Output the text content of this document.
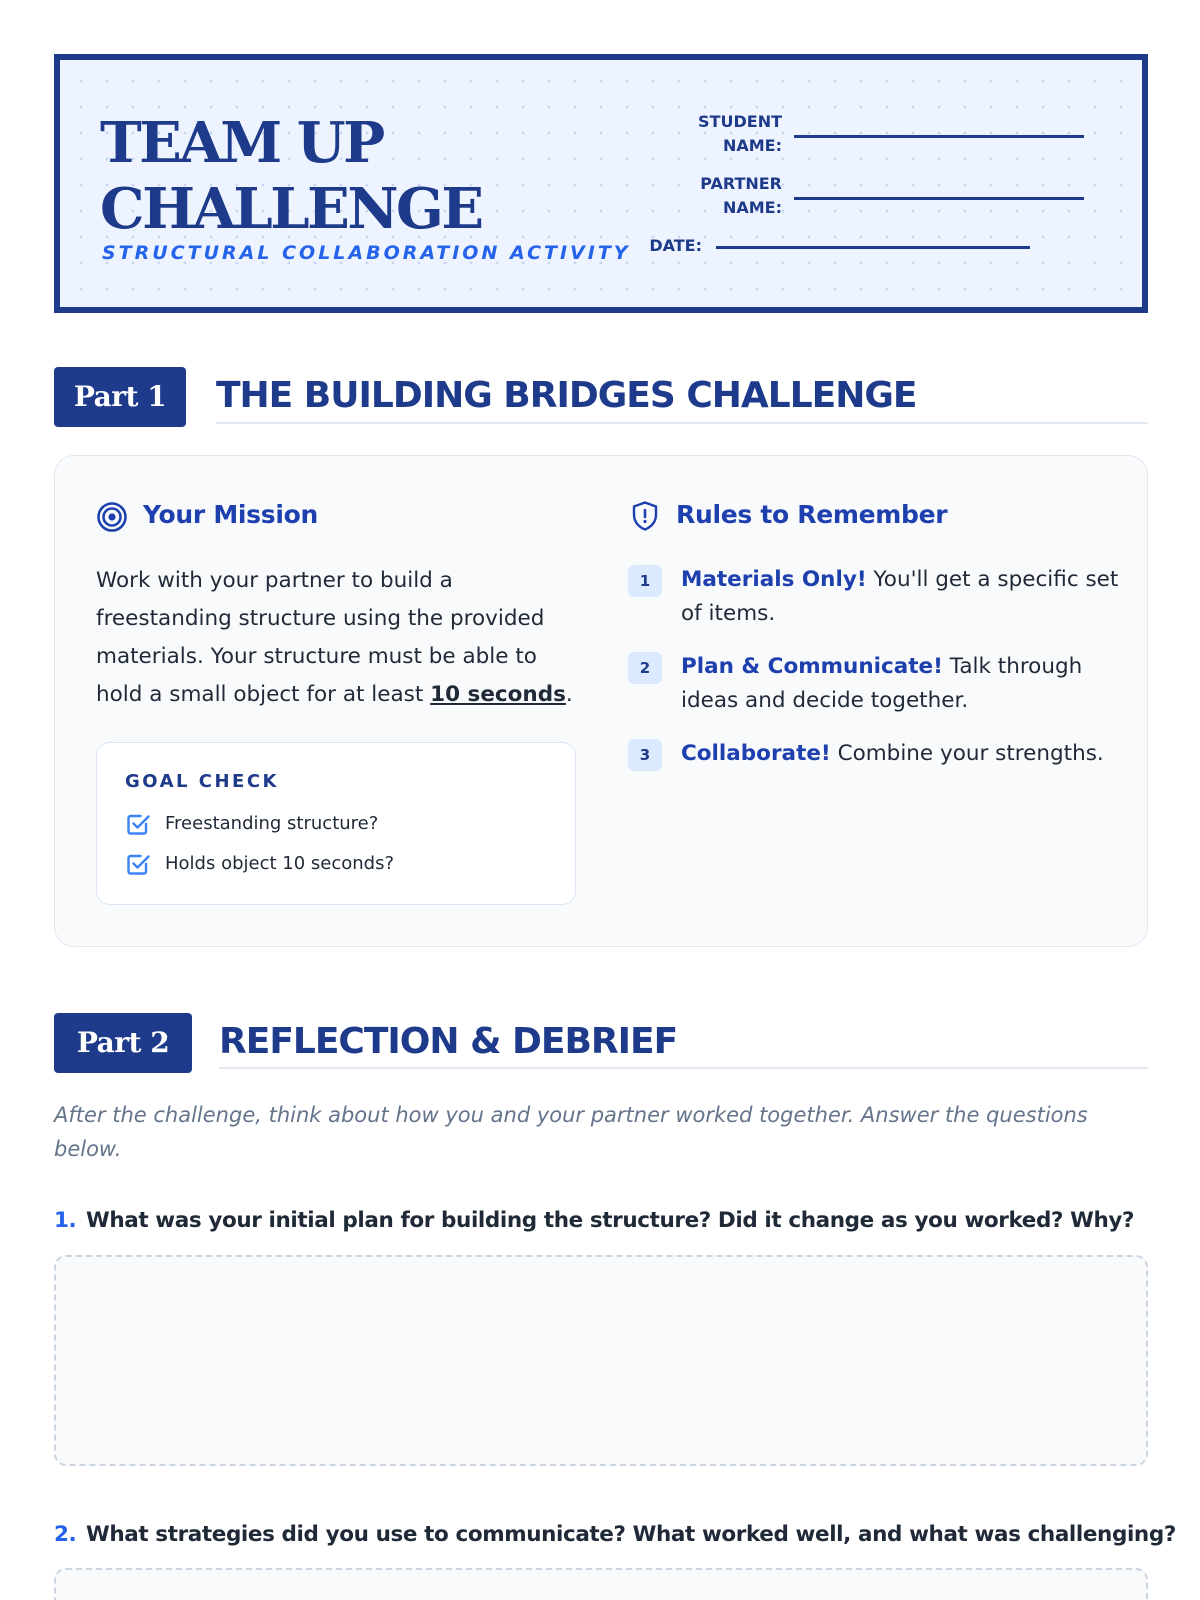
TEAM UP
CHALLENGE
STRUCTURAL COLLABORATION ACTIVITY
STUDENT
NAME:
PARTNER
NAME:
DATE:
Part 1	THE BUILDING BRIDGES CHALLENGE
Your Mission
Work with your partner to build a freestanding structure using the provided materials. Your structure must be able to hold a small object for at least 10 seconds.
GOAL CHECK
Freestanding structure?
Holds object 10 seconds?
Rules to Remember
1	Materials Only! You'll get a specific set of items.
2	Plan & Communicate! Talk through ideas and decide together.
3	Collaborate! Combine your strengths.
Part 2	REFLECTION & DEBRIEF
After the challenge, think about how you and your partner worked together. Answer the questions below.
1. What was your initial plan for building the structure? Did it change as you worked? Why?
2. What strategies did you use to communicate? What worked well, and what was challenging?
